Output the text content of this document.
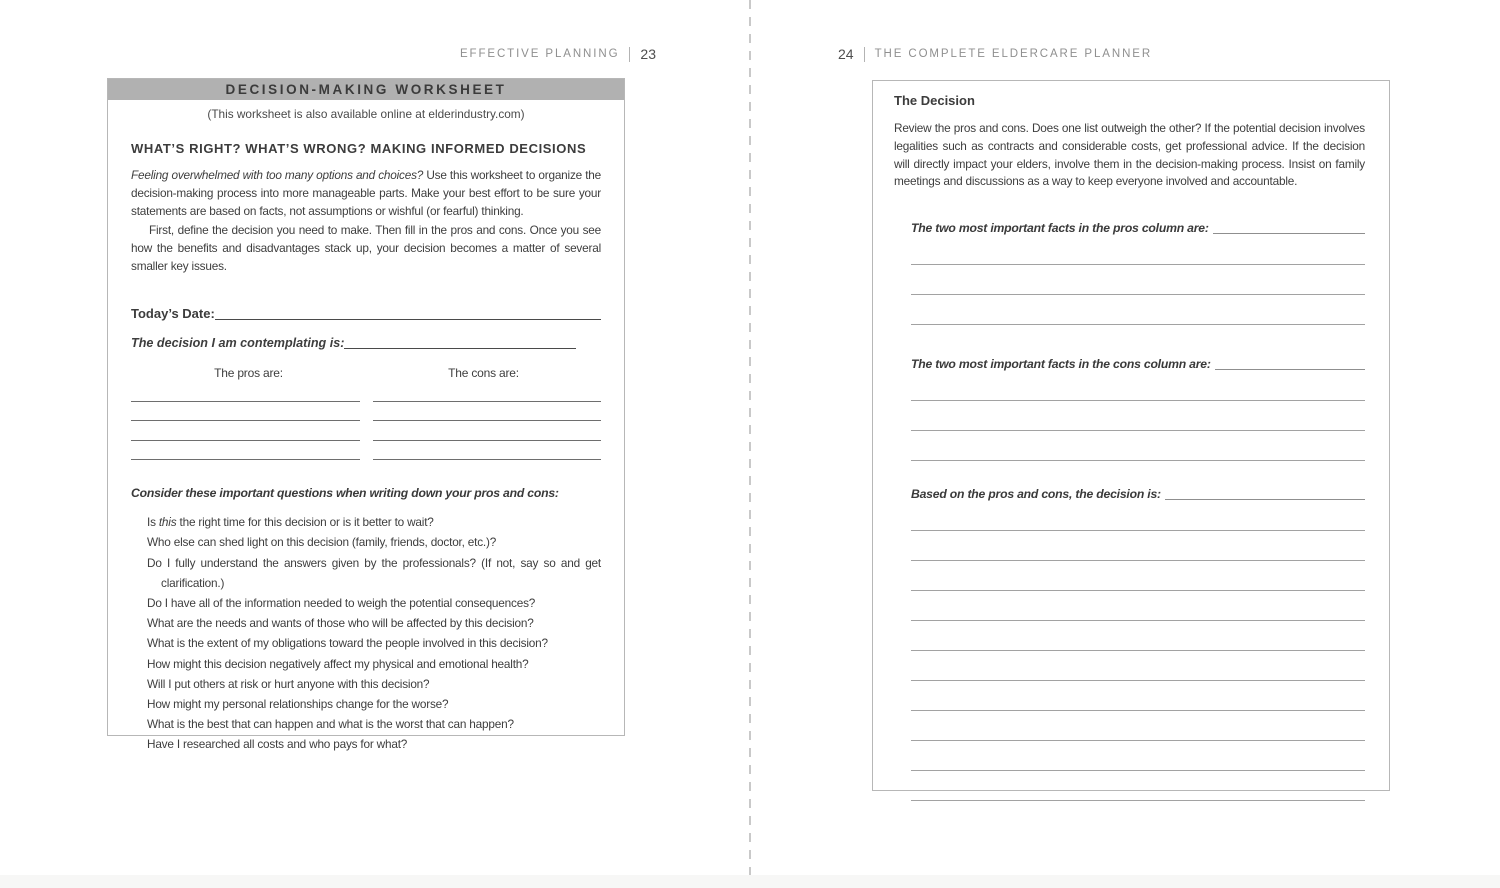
EFFECTIVE PLANNING 23
DECISION-MAKING WORKSHEET
(This worksheet is also available online at elderindustry.com)
WHAT’S RIGHT? WHAT’S WRONG? MAKING INFORMED DECISIONS
Feeling overwhelmed with too many options and choices? Use this worksheet to organize the decision-making process into more manageable parts. Make your best effort to be sure your statements are based on facts, not assumptions or wishful (or fearful) thinking.
First, define the decision you need to make. Then fill in the pros and cons. Once you see how the benefits and disadvantages stack up, your decision becomes a matter of several smaller key issues.
Today’s Date:
The decision I am contemplating is:
The pros are:	The cons are:
Consider these important questions when writing down your pros and cons:
Is this the right time for this decision or is it better to wait?
Who else can shed light on this decision (family, friends, doctor, etc.)?
Do I fully understand the answers given by the professionals? (If not, say so and get clarification.)
Do I have all of the information needed to weigh the potential consequences?
What are the needs and wants of those who will be affected by this decision?
What is the extent of my obligations toward the people involved in this decision?
How might this decision negatively affect my physical and emotional health?
Will I put others at risk or hurt anyone with this decision?
How might my personal relationships change for the worse?
What is the best that can happen and what is the worst that can happen?
Have I researched all costs and who pays for what?
24 THE COMPLETE ELDERCARE PLANNER
The Decision
Review the pros and cons. Does one list outweigh the other? If the potential decision involves legalities such as contracts and considerable costs, get professional advice. If the decision will directly impact your elders, involve them in the decision-making process. Insist on family meetings and discussions as a way to keep everyone involved and accountable.
The two most important facts in the pros column are:
The two most important facts in the cons column are:
Based on the pros and cons, the decision is:
